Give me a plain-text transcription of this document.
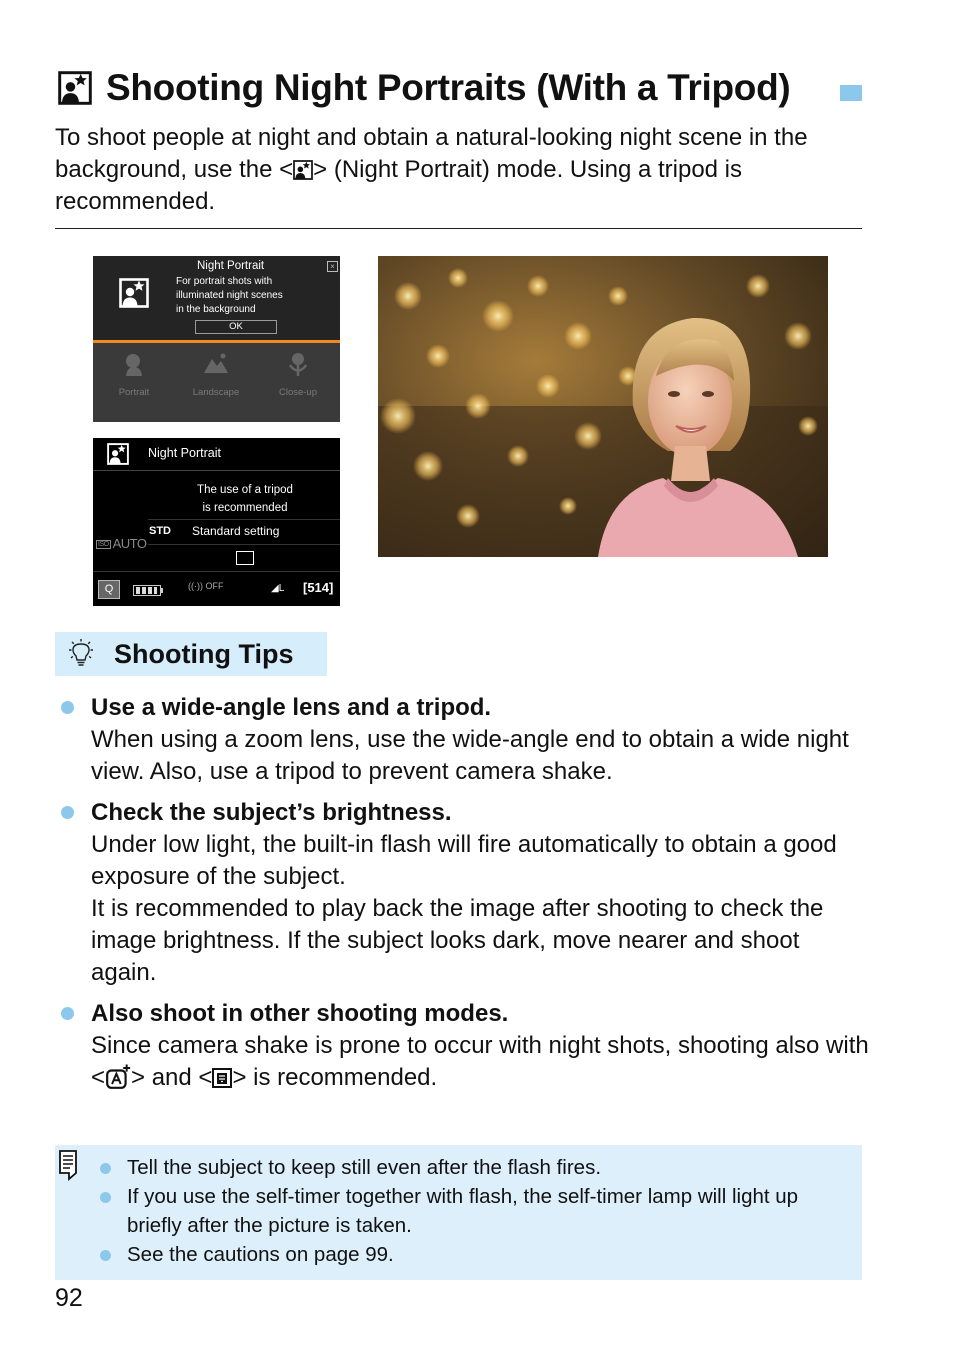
Shooting Night Portraits (With a Tripod)
To shoot people at night and obtain a natural-looking night scene in the background, use the < > (Night Portrait) mode. Using a tripod is recommended.
Night Portrait	×
For portrait shots with
illuminated night scenes
in the background
OK
Portrait	Landscape	Close-up
Night Portrait
The use of a tripod
is recommended
ISO AUTO
STD Standard setting
Q	((·)) OFF	◢L [514]
Shooting Tips
Use a wide-angle lens and a tripod.
When using a zoom lens, use the wide-angle end to obtain a wide night view. Also, use a tripod to prevent camera shake.
Check the subject’s brightness.
Under low light, the built-in flash will fire automatically to obtain a good exposure of the subject.
It is recommended to play back the image after shooting to check the image brightness. If the subject looks dark, move nearer and shoot again.
Also shoot in other shooting modes.
Since camera shake is prone to occur with night shots, shooting also with < > and < > is recommended.
Tell the subject to keep still even after the flash fires.
If you use the self-timer together with flash, the self-timer lamp will light up briefly after the picture is taken.
See the cautions on page 99.
92
